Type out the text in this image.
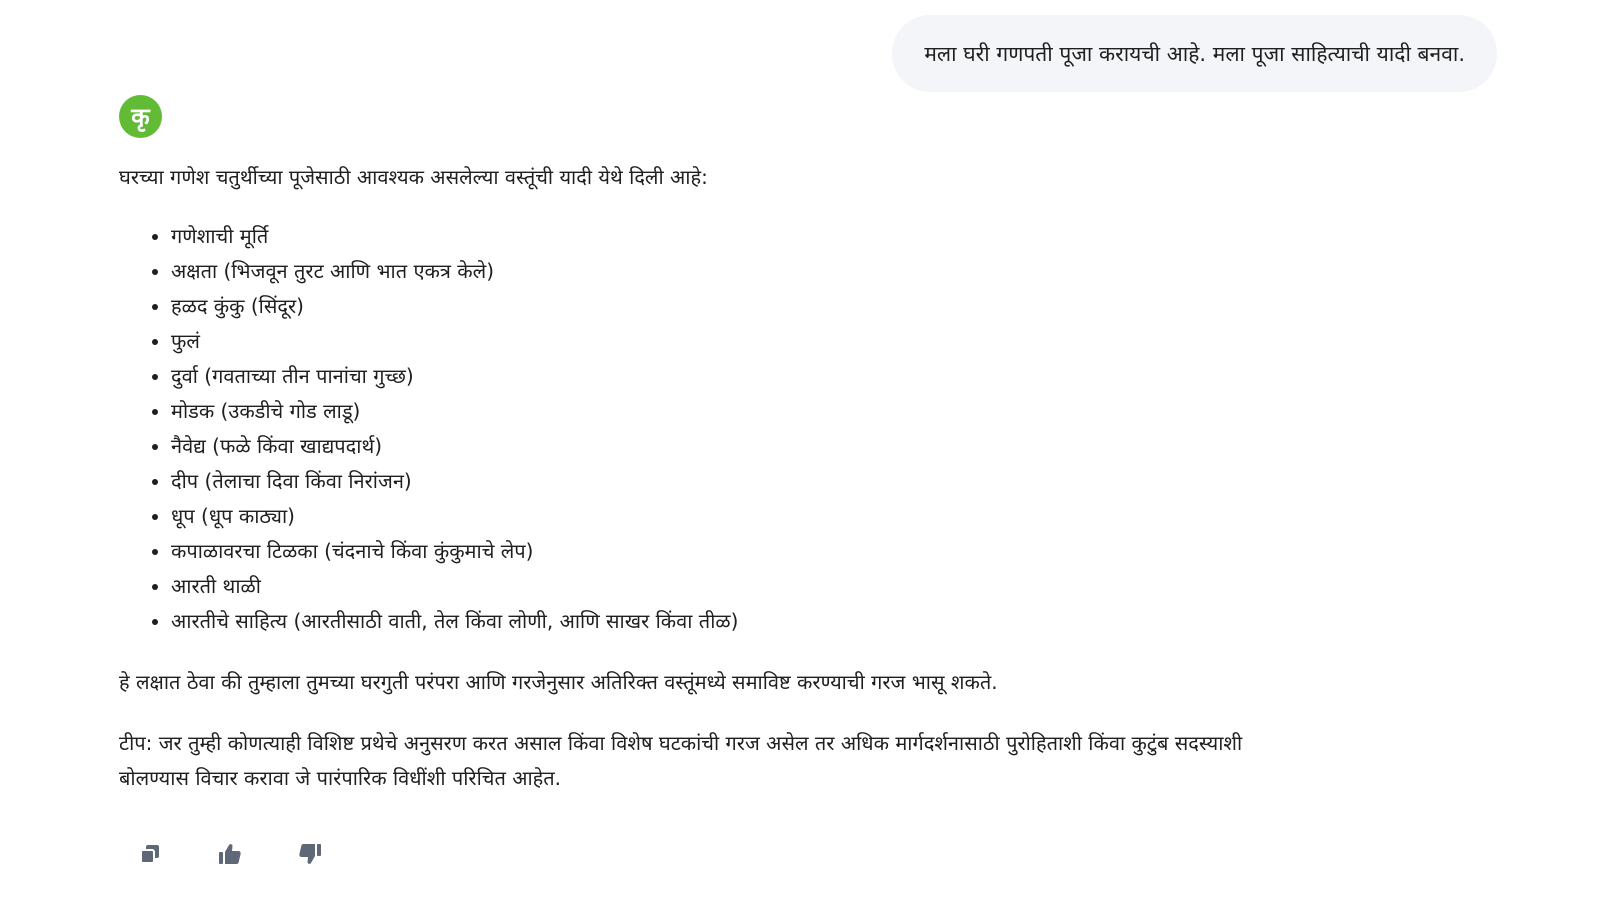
मला घरी गणपती पूजा करायची आहे. मला पूजा साहित्याची यादी बनवा.
कृ

घरच्या गणेश चतुर्थीच्या पूजेसाठी आवश्यक असलेल्या वस्तूंची यादी येथे दिली आहे:

• गणेशाची मूर्ति
• अक्षता (भिजवून तुरट आणि भात एकत्र केले)
• हळद कुंकु (सिंदूर)
• फुलं
• दुर्वा (गवताच्या तीन पानांचा गुच्छ)
• मोडक (उकडीचे गोड लाडू)
• नैवेद्य (फळे किंवा खाद्यपदार्थ)
• दीप (तेलाचा दिवा किंवा निरांजन)
• धूप (धूप काठ्या)
• कपाळावरचा टिळका (चंदनाचे किंवा कुंकुमाचे लेप)
• आरती थाळी
• आरतीचे साहित्य (आरतीसाठी वाती, तेल किंवा लोणी, आणि साखर किंवा तीळ)

हे लक्षात ठेवा की तुम्हाला तुमच्या घरगुती परंपरा आणि गरजेनुसार अतिरिक्त वस्तूंमध्ये समाविष्ट करण्याची गरज भासू शकते.

टीप: जर तुम्ही कोणत्याही विशिष्ट प्रथेचे अनुसरण करत असाल किंवा विशेष घटकांची गरज असेल तर अधिक मार्गदर्शनासाठी पुरोहिताशी किंवा कुटुंब सदस्याशी बोलण्यास विचार करावा जे पारंपारिक विधींशी परिचित आहेत.
